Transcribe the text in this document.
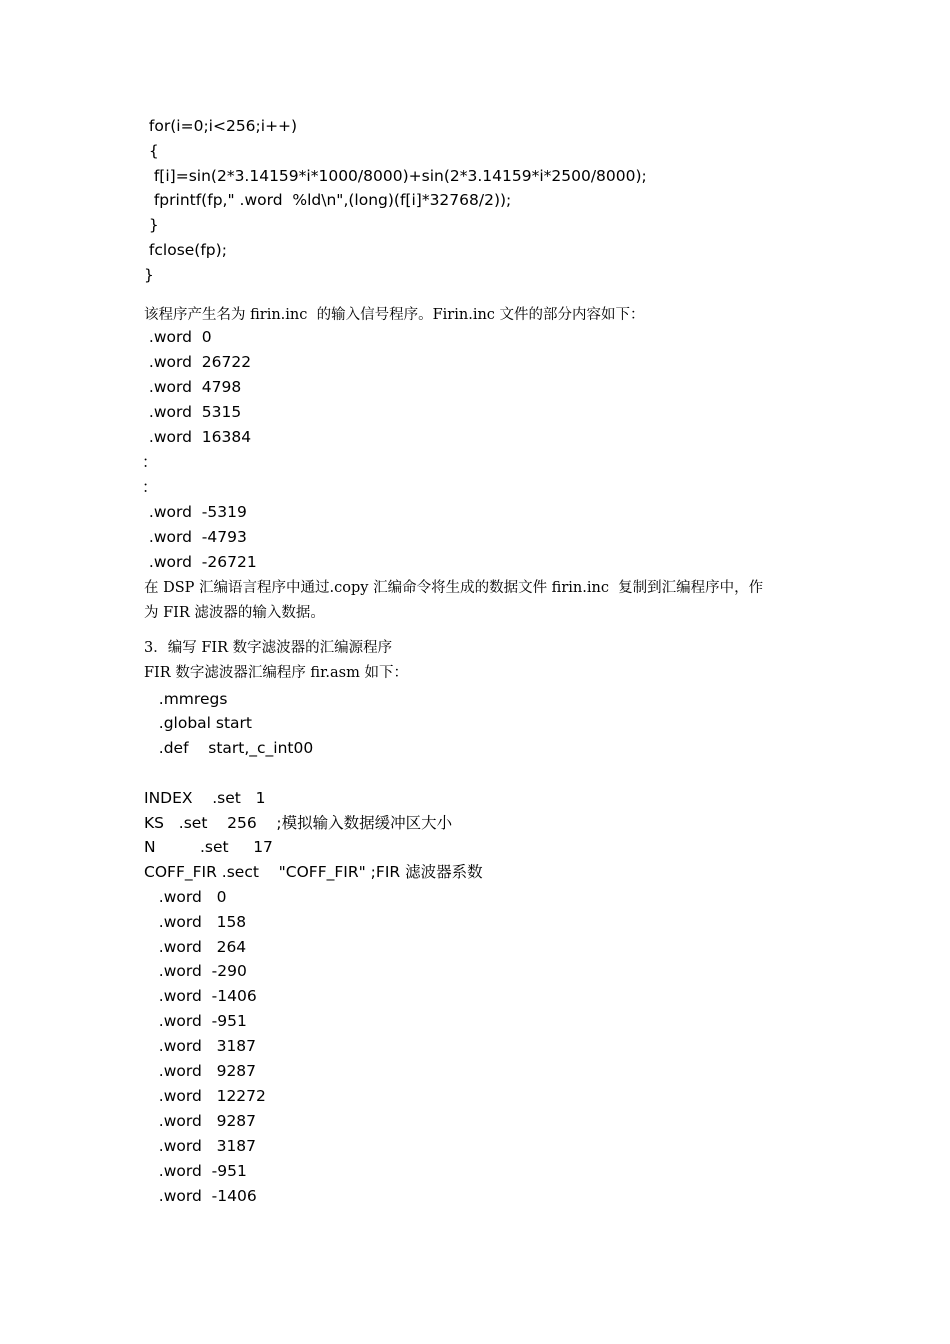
for(i=0;i<256;i++)
{
f[i]=sin(2*3.14159*i*1000/8000)+sin(2*3.14159*i*2500/8000);
fprintf(fp," .word  %ld\n",(long)(f[i]*32768/2));
}
fclose(fp);
}
该程序产生名为 firin.inc  的输入信号程序。Firin.inc 文件的部分内容如下：
.word  0
.word  26722
.word  4798
.word  5315
.word  16384
：
：
.word  -5319
.word  -4793
.word  -26721
在 DSP 汇编语言程序中通过.copy 汇编命令将生成的数据文件 firin.inc  复制到汇编程序中，作
为 FIR 滤波器的输入数据。
3．编写 FIR 数字滤波器的汇编源程序
FIR 数字滤波器汇编程序 fir.asm 如下：
.mmregs
.global start
.def    start,_c_int00
INDEX    .set   1
KS   .set    256    ;模拟输入数据缓冲区大小
N         .set     17
COFF_FIR .sect    "COFF_FIR" ;FIR 滤波器系数
.word   0
.word   158
.word   264
.word  -290
.word  -1406
.word  -951
.word   3187
.word   9287
.word   12272
.word   9287
.word   3187
.word  -951
.word  -1406
